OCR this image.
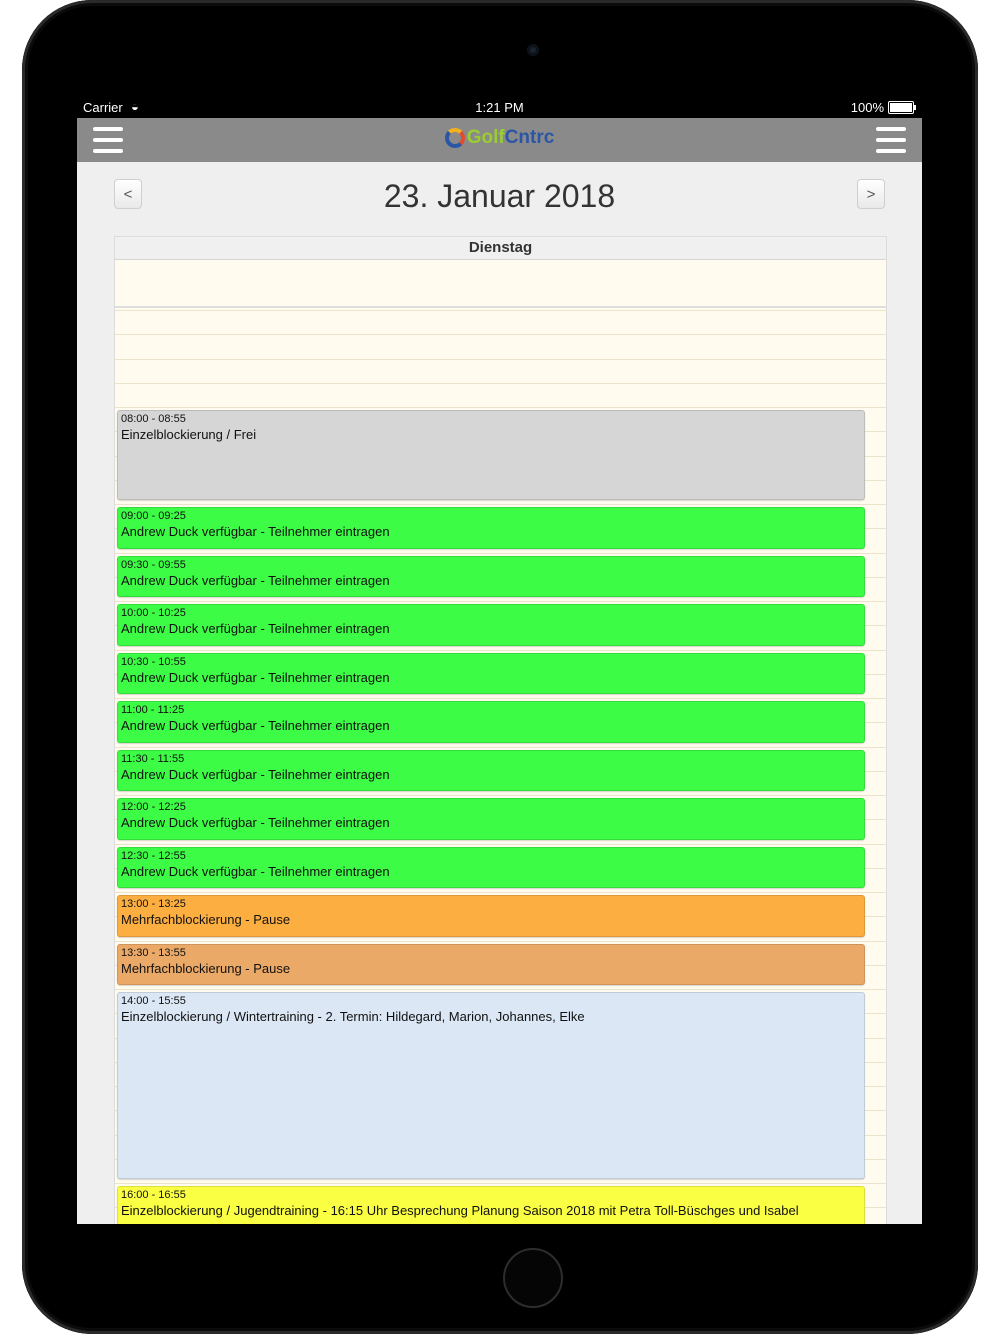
Carrier ◒	1:21 PM	100%
GolfCntrc
<	23. Januar 2018	>
Dienstag
08:00 - 08:55
Einzelblockierung / Frei
09:00 - 09:25
Andrew Duck verfügbar - Teilnehmer eintragen
09:30 - 09:55
Andrew Duck verfügbar - Teilnehmer eintragen
10:00 - 10:25
Andrew Duck verfügbar - Teilnehmer eintragen
10:30 - 10:55
Andrew Duck verfügbar - Teilnehmer eintragen
11:00 - 11:25
Andrew Duck verfügbar - Teilnehmer eintragen
11:30 - 11:55
Andrew Duck verfügbar - Teilnehmer eintragen
12:00 - 12:25
Andrew Duck verfügbar - Teilnehmer eintragen
12:30 - 12:55
Andrew Duck verfügbar - Teilnehmer eintragen
13:00 - 13:25
Mehrfachblockierung - Pause
13:30 - 13:55
Mehrfachblockierung - Pause
14:00 - 15:55
Einzelblockierung / Wintertraining - 2. Termin: Hildegard, Marion, Johannes, Elke
16:00 - 16:55
Einzelblockierung / Jugendtraining - 16:15 Uhr Besprechung Planung Saison 2018 mit Petra Toll-Büschges und Isabel
